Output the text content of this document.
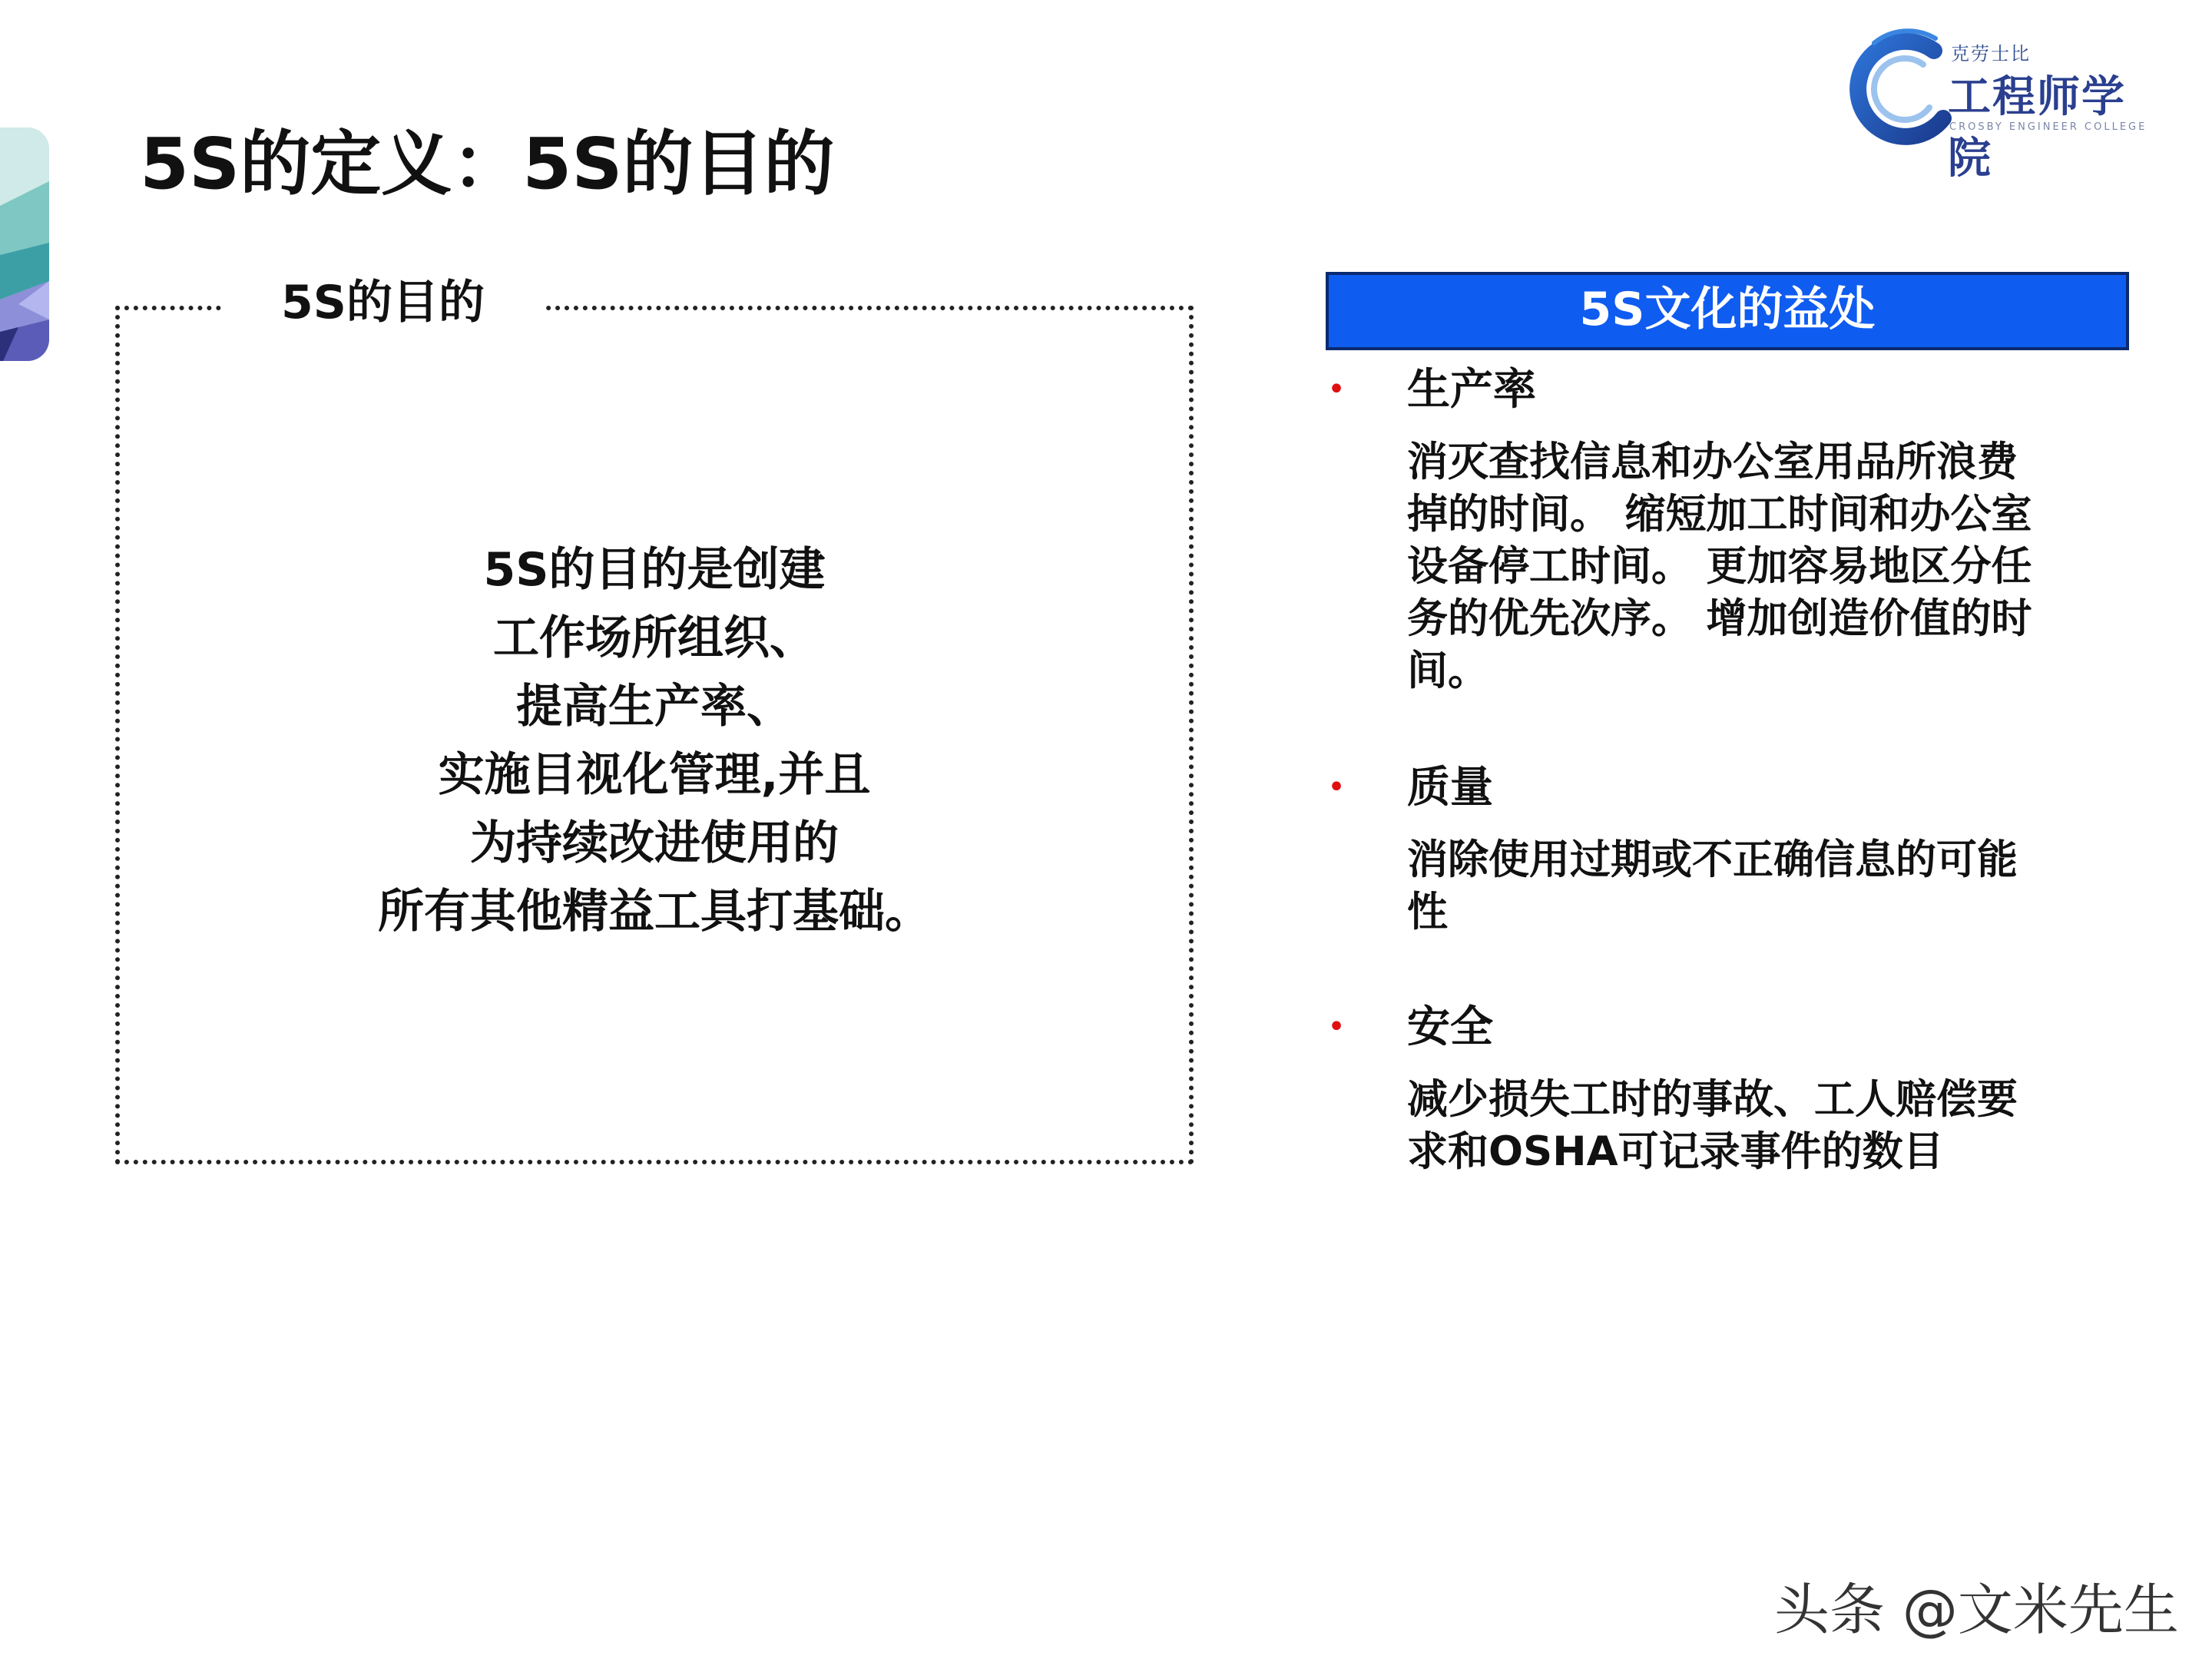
克劳士比
工程师学院
CROSBY ENGINEER COLLEGE
5S的定义：5S的目的
5S的目的
5S的目的是创建
工作场所组织、
提高生产率、
实施目视化管理,并且
为持续改进使用的
所有其他精益工具打基础。
5S文化的益处
• 生产率
消灭查找信息和办公室用品所浪费
掉的时间。 缩短加工时间和办公室
设备停工时间。 更加容易地区分任
务的优先次序。 增加创造价值的时
间。
• 质量
消除使用过期或不正确信息的可能
性
• 安全
减少损失工时的事故、工人赔偿要
求和OSHA可记录事件的数目
头条 @文米先生
